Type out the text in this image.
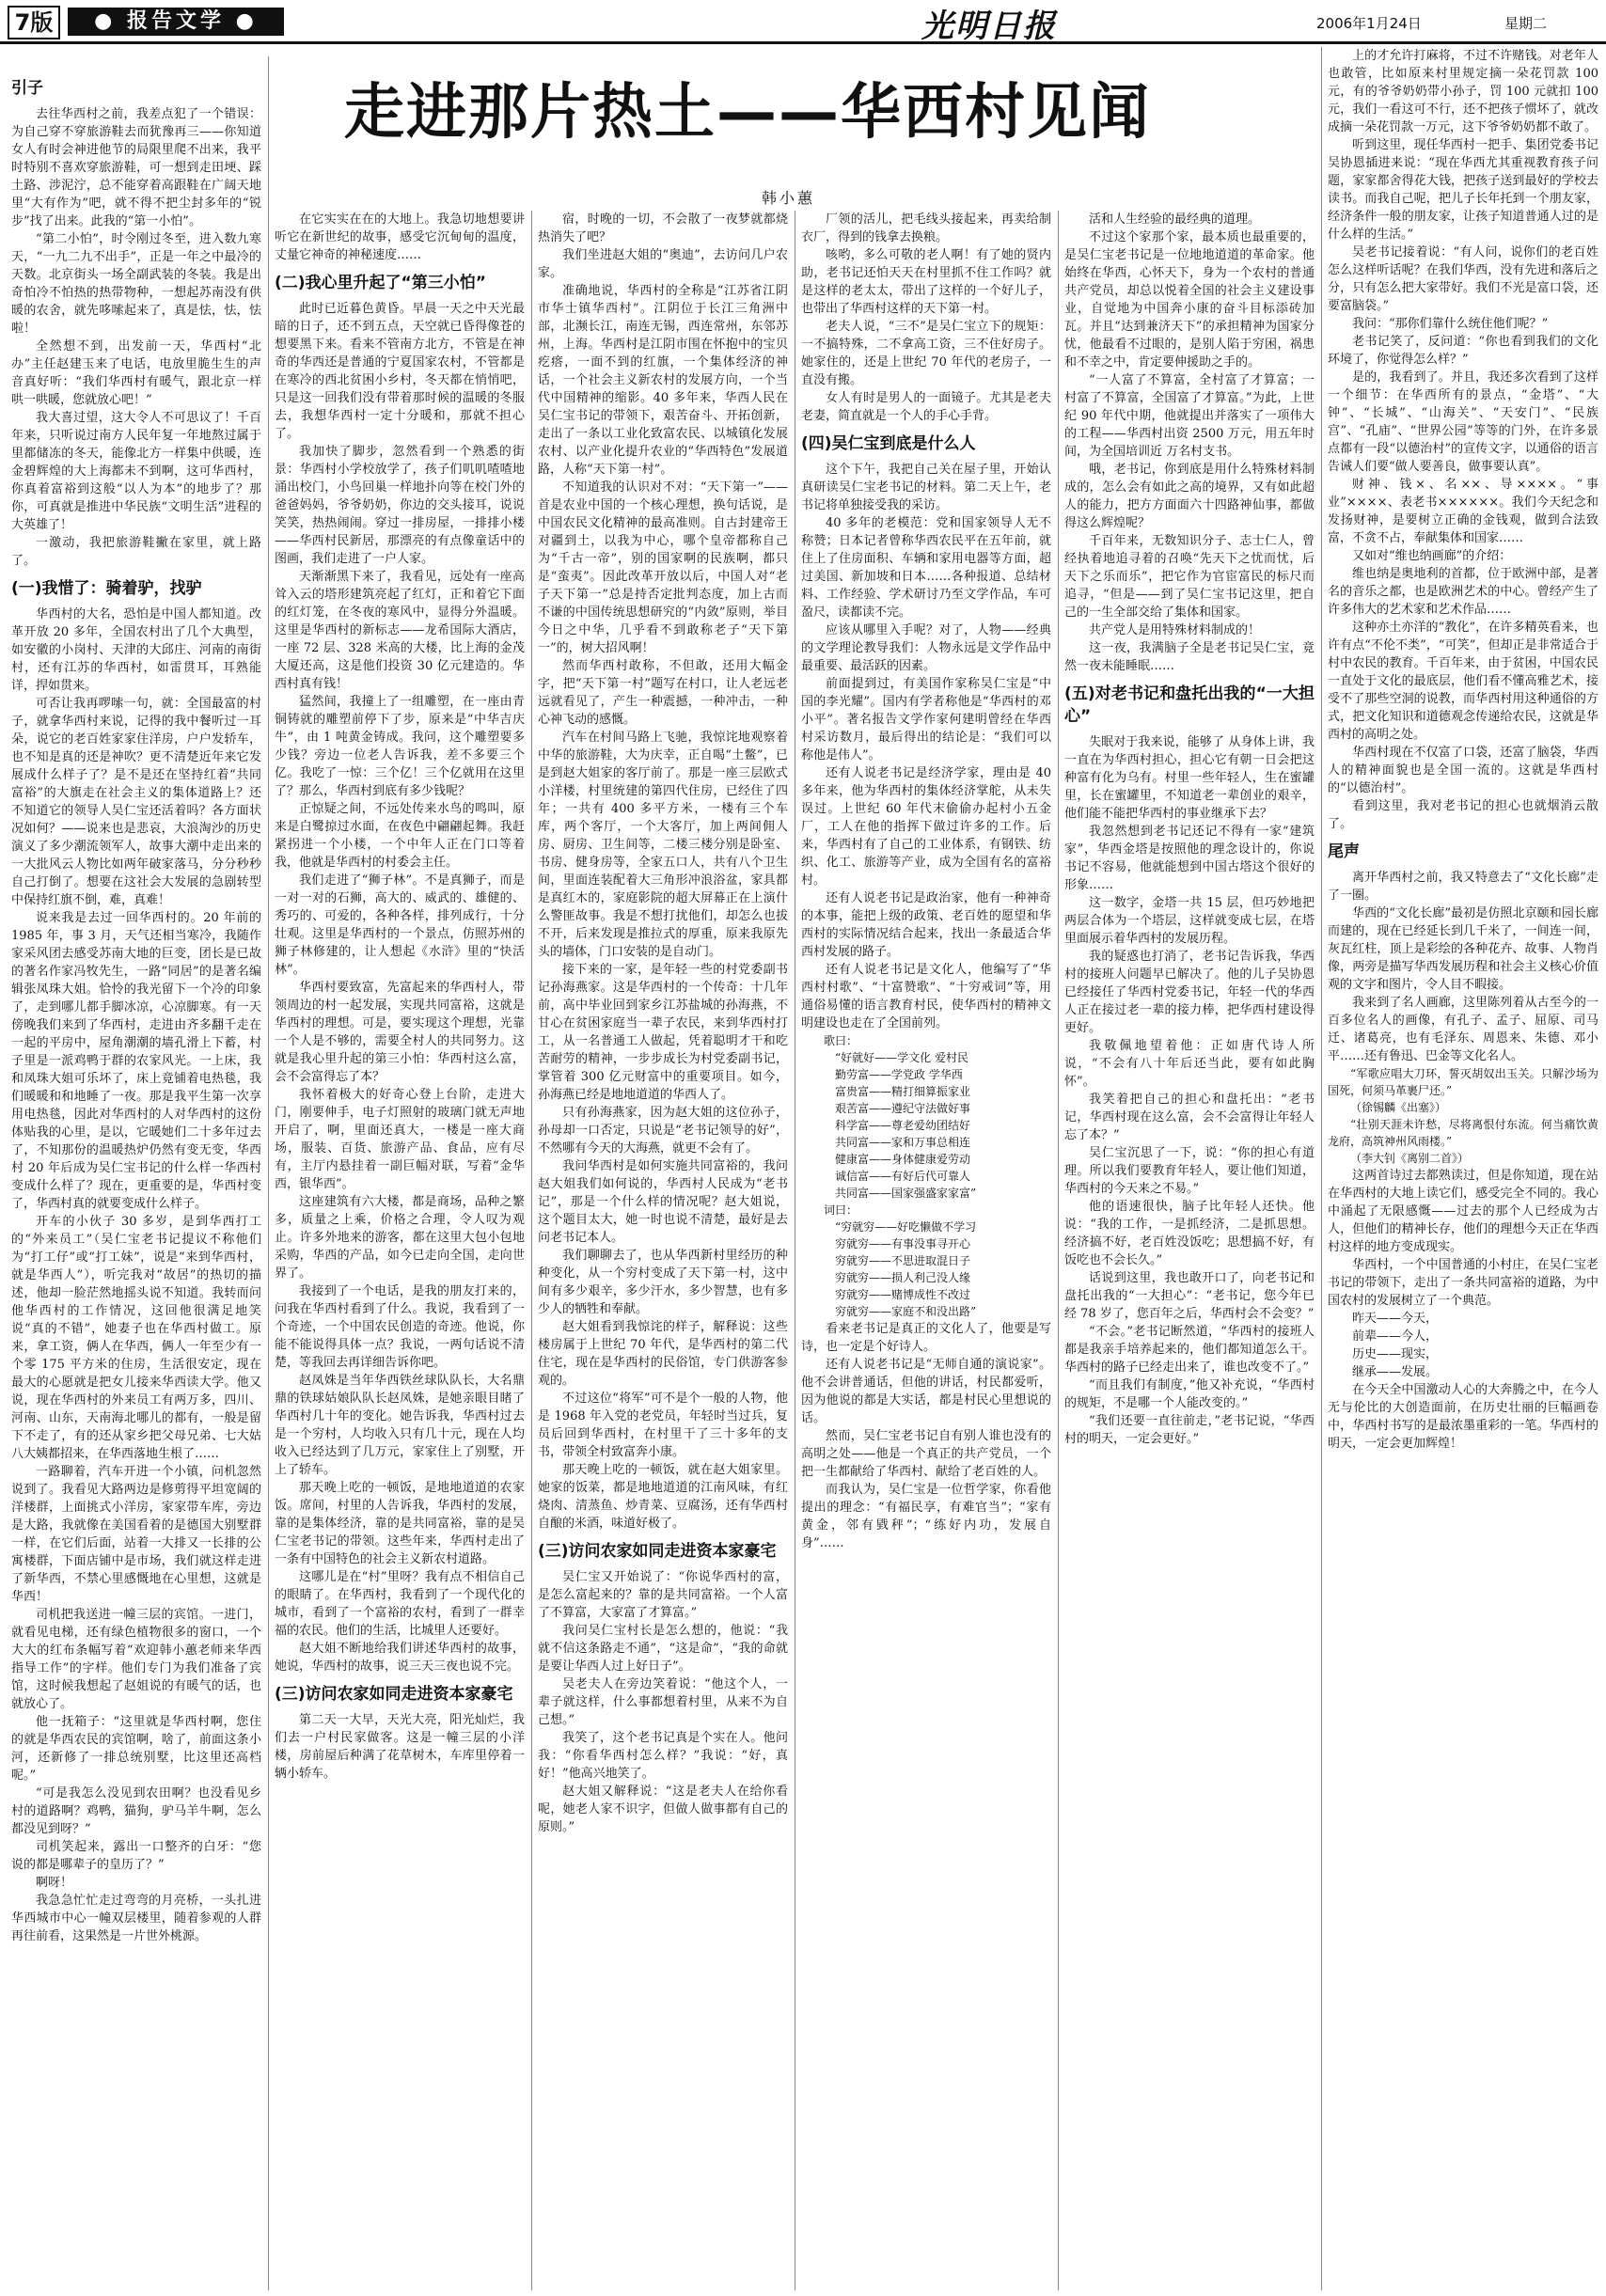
7版	● 报告文学 ●	光明日报	2006年1月24日	星期二
走进那片热土——华西村见闻
韩小蕙

引子

去往华西村之前，我差点犯了一个错误：为自己穿不穿旅游鞋去而犹豫再三——你知道女人有时会神进他节的局限里爬不出来，我平时特别不喜欢穿旅游鞋，可一想到走田埂、踩土路、涉泥泞，总不能穿着高跟鞋在广阔天地里“大有作为”吧，就不得不把尘封多年的“锐步”找了出来。此我的“第一小怕”。

“第二小怕”，时令刚过冬至，进入数九寒天，“一九二九不出手”，正是一年之中最冷的天数。北京街头一场全副武装的冬装。我是出奇怕冷不怕热的热带物种，一想起苏南没有供暖的农舍，就先哆嗦起来了，真是怯，怯，怯啦！

全然想不到，出发前一天，华西村“北办”主任赵建玉来了电话，电放里脆生生的声音真好听：“我们华西村有暖气，跟北京一样哄一哄暖，您就放心吧！”

我大喜过望，这大令人不可思议了！千百年来，只听说过南方人民年复一年地熬过属于里都储冻的冬天，能像北方一样集中供暖，连金碧辉煌的大上海都未不到啊，这可华西村，你真着富裕到这般“以人为本”的地步了？那你，可真就是推进中华民族“文明生活”进程的大英雄了！

一激动，我把旅游鞋撇在家里，就上路了。

(一)我惜了：骑着驴，找驴

华西村的大名，恐怕是中国人都知道。改革开放 20 多年，全国农村出了几个大典型，如安徽的小岗村、天津的大邱庄、河南的南街村，还有江苏的华西村，如雷贯耳，耳熟能详，捍如贯来。

可否让我再啰嗦一句，就：全国最富的村子，就拿华西村来说，记得的我中餐听过一耳朵，说它的老百姓家家住洋房，户户发轿车，也不知是真的还是神吹？更不清楚近年来它发展成什么样子了？是不是还在坚持红着“共同富裕”的大旗走在社会主义的集体道路上？还不知道它的领导人吴仁宝还活着吗？各方面状况如何？——说来也是悲哀，大浪淘沙的历史演义了多少潮流领军人，故事大潮中走出来的一大批风云人物比如两年破家落马，分分秒秒自己打倒了。想要在这社会大发展的急剧转型中保持红旗不倒，难，真难！

说来我是去过一回华西村的。20 年前的 1985 年，事 3 月，天气还相当寒冷，我随作家采风团去感受苏南大地的巨变，团长是已故的著名作家冯牧先生，一路“同居”的是著名编辑张凤珠大姐。恰怜的我光留下一个冷的印象了，走到哪儿都手脚冰凉，心凉脚寒。有一天傍晚我们来到了华西村，走进由齐多翻千走在一起的平房中，屋角潮潮的墙孔滑上下蓄，村子里是一派鸡鸭于群的农家风光。一上床，我和凤珠大姐可乐坏了，床上竟铺着电热毯，我们暖暖和和地睡了一夜。那是我平生第一次享用电热毯，因此对华西村的人对华西村的这份体贴我的心里，是以，它暖她们二十多年过去了，不知那份的温暖热炉仍然有变无变，华西村 20 年后成为吴仁宝书记的什么样一华西村变成什么样了？现在，更重要的是，华西村变了，华西村真的就要变成什么样子。

开车的小伙子 30 多岁，是到华西打工的“外来员工”（吴仁宝老书记提议不称他们为“打工仔”或“打工妹”，说是“来到华西村，就是华西人”），听完我对“故居”的热切的描述，他却一脸茫然地摇头说不知道。我转而问他华西村的工作情况，这回他很满足地笑说“真的不错”，她妻子也在华西村做工。原来，拿工资，俩人在华西，俩人一年至少有一个零 175 平方米的住房，生活很安定，现在最大的心愿就是把女儿接来华西读大学。他又说，现在华西村的外来员工有两万多，四川、河南、山东，天南海北哪儿的都有，一般是留下不走了，有的还从家乡把父母兄弟、七大姑八大姨都招来，在华西落地生根了……

一路聊着，汽车开进一个小镇，问机忽然说到了。我看见大路两边是修剪得平坦宽阔的洋楼群，上面挑式小洋房，家家带车库，旁边是大路，我就像在美国看着的是德国大别墅群一样，在它们后面，站着一大排又一长排的公寓楼群，下面店铺中是市场，我们就这样走进了新华西，不禁心里感慨地在心里想，这就是华西！

司机把我送进一幢三层的宾馆。一进门，就看见电梯，还有绿色植物很多的窗口，一个大大的红布条幅写着“欢迎韩小蕙老师来华西指导工作”的字样。他们专门为我们准备了宾馆，这时候我想起了赵姐说的有暖气的话，也就放心了。

他一抚箱子：“这里就是华西村啊，您住的就是华西农民的宾馆啊，啥了，前面这条小河，还新修了一排总统别墅，比这里还高档呢。”

“可是我怎么没见到农田啊？也没看见乡村的道路啊？鸡鸭，猫狗，驴马羊牛啊，怎么都没见到呀？”

司机笑起来，露出一口整齐的白牙：“您说的都是哪辈子的皇历了？”

啊呀！

我急急忙忙走过弯弯的月亮桥，一头扎进华西城市中心一幢双层楼里，随着参观的人群再往前看，这果然是一片世外桃源。

在它实实在在的大地上。我急切地想要讲听它在新世纪的故事，感受它沉甸甸的温度，丈量它神奇的神秘速度……

(二)我心里升起了“第三小怕”

此时已近暮色黄昏。早晨一天之中天光最暗的日子，还不到五点，天空就已昏得像苍的想要黑下来。看来不管南方北方，不管是在神奇的华西还是普通的宁夏国家农村，不管都是在寒冷的西北贫困小乡村，冬天都在悄悄吧，只是这一回我们没有带着那时候的温暖的冬服去，我想华西村一定十分暖和，那就不担心了。

我加快了脚步，忽然看到一个熟悉的街景：华西村小学校放学了，孩子们叽叽喳喳地涌出校门，小鸟回巢一样地扑向等在校门外的爸爸妈妈，爷爷奶奶，你边的交头接耳，说说笑笑，热热闹闹。穿过一排房屋，一排排小楼——华西村民新居，那漂亮的有点像童话中的图画，我们走进了一户人家。

天渐渐黑下来了，我看见，远处有一座高耸入云的塔形建筑亮起了红灯，正和着它下面的红灯笼，在冬夜的寒风中，显得分外温暖。这里是华西村的新标志——龙希国际大酒店，一座 72 层、328 米高的大楼，比上海的金茂大厦还高，这是他们投资 30 亿元建造的。华西村真有钱！

猛然间，我撞上了一组雕塑，在一座由青铜铸就的雕塑前停下了步，原来是“中华吉庆牛”，由 1 吨黄金铸成。我问，这个雕塑要多少钱？旁边一位老人告诉我，差不多要三个亿。我吃了一惊：三个亿！三个亿就用在这里了？那么，华西村到底有多少钱呢？

正惊疑之间，不远处传来水鸟的鸣叫，原来是白鹭掠过水面，在夜色中翩翩起舞。我赶紧拐进一个小楼，一个中年人正在门口等着我，他就是华西村的村委会主任。

我们走进了“狮子林”。不是真狮子，而是一对一对的石狮，高大的、威武的、雄健的、秀巧的、可爱的，各种各样，排列成行，十分壮观。这里是华西村的一个景点，仿照苏州的狮子林修建的，让人想起《水浒》里的“快活林”。

华西村要致富，先富起来的华西村人，带领周边的村一起发展，实现共同富裕，这就是华西村的理想。可是，要实现这个理想，光靠一个人是不够的，需要全村人的共同努力。这就是我心里升起的第三小怕：华西村这么富，会不会富得忘了本？

我怀着极大的好奇心登上台阶，走进大门，刚要伸手，电子灯照射的玻璃门就无声地开启了，啊，里面还真大，一楼是一座大商场，服装、百货、旅游产品、食品，应有尽有，主厅内悬挂着一副巨幅对联，写着“金华西，银华西”。

这座建筑有六大楼，都是商场，品种之繁多，质量之上乘，价格之合理，令人叹为观止。许多外地来的游客，都在这里大包小包地采购，华西的产品，如今已走向全国，走向世界了。

我接到了一个电话，是我的朋友打来的，问我在华西村看到了什么。我说，我看到了一个奇迹，一个中国农民创造的奇迹。他说，你能不能说得具体一点？我说，一两句话说不清楚，等我回去再详细告诉你吧。

赵凤姝是当年华西铁丝球队队长，大名鼎鼎的铁球姑娘队队长赵凤姝，是她亲眼目睹了华西村几十年的变化。她告诉我，华西村过去是一个穷村，人均收入只有几十元，现在人均收入已经达到了几万元，家家住上了别墅，开上了轿车。

那天晚上吃的一顿饭，是地地道道的农家饭。席间，村里的人告诉我，华西村的发展，靠的是集体经济，靠的是共同富裕，靠的是吴仁宝老书记的带领。这些年来，华西村走出了一条有中国特色的社会主义新农村道路。

这哪儿是在“村”里呀？我有点不相信自己的眼睛了。在华西村，我看到了一个现代化的城市，看到了一个富裕的农村，看到了一群幸福的农民。他们的生活，比城里人还要好。

赵大姐不断地给我们讲述华西村的故事，她说，华西村的故事，说三天三夜也说不完。

(三)访问农家如同走进资本家豪宅

第二天一大早，天光大亮，阳光灿烂，我们去一户村民家做客。这是一幢三层的小洋楼，房前屋后种满了花草树木，车库里停着一辆小轿车。

宿，时晚的一切，不会散了一夜梦就都烧热消失了吧？

我们坐进赵大姐的“奥迪”，去访问几户农家。

准确地说，华西村的全称是“江苏省江阴市华士镇华西村”。江阴位于长江三角洲中部，北濒长江，南连无锡，西连常州，东邻苏州，上海。华西村是江阴市围在怀抱中的宝贝疙瘩，一面不到的红旗，一个集体经济的神话，一个社会主义新农村的发展方向，一个当代中国精神的缩影。40 多年来，华西人民在吴仁宝书记的带领下，艰苦奋斗、开拓创新，走出了一条以工业化致富农民、以城镇化发展农村、以产业化提升农业的“华西特色”发展道路，人称“天下第一村”。

不知道我的认识对不对：“天下第一”——首是农业中国的一个核心理想，换句话说，是中国农民文化精神的最高准则。自古封建帝王对疆到土，以我为中心，哪个皇帝都称自己为“千古一帝”，别的国家啊的民族啊，都只是“蛮夷”。因此改革开放以后，中国人对“老子天下第一”总是持否定批判态度，加上古而不谦的中国传统思想研究的“内敛”原则，举目今日之中华，几乎看不到敢称老子“天下第一”的，树大招风啊！

然而华西村敢称，不但敢，还用大幅金字，把“天下第一村”题写在村口，让人老远老远就看见了，产生一种震撼，一种冲击，一种心神飞动的感慨。

汽车在村间马路上飞驰，我惊诧地观察着中华的旅游鞋，大为庆幸，正自喝“土鳖”，已是到赵大姐家的客厅前了。那是一座三层欧式小洋楼，村里统建的第四代住房，已经住了四年；一共有 400 多平方米，一楼有三个车库，两个客厅，一个大客厅，加上两间佣人房、厨房、卫生间等，二楼三楼分别是卧室、书房、健身房等，全家五口人，共有八个卫生间，里面连装配着大三角形冲浪浴盆，家具都是真红木的，家庭影院的超大屏幕正在上演什么警匪故事。我是不想打扰他们，却怎么也拔不开，后来发现是推拉式的厚重，原来我原先头的墙体，门口安装的是自动门。

接下来的一家，是年轻一些的村党委副书记孙海燕家。这是华西村的一个传奇：十几年前，高中毕业回到家乡江苏盐城的孙海燕，不甘心在贫困家庭当一辈子农民，来到华西村打工，从一名普通工人做起，凭着聪明才干和吃苦耐劳的精神，一步步成长为村党委副书记，掌管着 300 亿元财富中的重要项目。如今，孙海燕已经是地地道道的华西人了。

只有孙海燕家，因为赵大姐的这位孙子，孙母却一口否定，只说是“老书记领导的好”，不然哪有今天的大海燕，就更不会有了。

我问华西村是如何实施共同富裕的，我问赵大姐我们如何说的，华西村人民成为“老书记”，那是一个什么样的情况呢？赵大姐说，这个题目太大，她一时也说不清楚，最好是去问老书记本人。

我们聊聊去了，也从华西新村里经历的种种变化，从一个穷村变成了天下第一村，这中间有多少艰辛，多少汗水，多少智慧，也有多少人的牺牲和奉献。

赵大姐看到我惊诧的样子，解释说：这些楼房属于上世纪 70 年代，是华西村的第二代住宅，现在是华西村的民俗馆，专门供游客参观的。

不过这位“将军”可不是个一般的人物，他是 1968 年入党的老党员，年轻时当过兵，复员后回到华西村，在村里干了三十多年的支书，带领全村致富奔小康。

那天晚上吃的一顿饭，就在赵大姐家里。她家的饭菜，都是地地道道的江南风味，有红烧肉、清蒸鱼、炒青菜、豆腐汤，还有华西村自酿的米酒，味道好极了。

(三)访问农家如同走进资本家豪宅

吴仁宝又开始说了：“你说华西村的富，是怎么富起来的？靠的是共同富裕。一个人富了不算富，大家富了才算富。”

我问吴仁宝村长是怎么想的，他说：“我就不信这条路走不通”，“这是命”，“我的命就是要让华西人过上好日子”。

吴老夫人在旁边笑着说：“他这个人，一辈子就这样，什么事都想着村里，从来不为自己想。”

我笑了，这个老书记真是个实在人。他问我：“你看华西村怎么样？”我说：“好，真好！”他高兴地笑了。

赵大姐又解释说：“这是老夫人在给你看呢，她老人家不识字，但做人做事都有自己的原则。”

厂领的活儿，把毛线头接起来，再卖给制衣厂，得到的钱拿去换粮。

咳哟，多么可敬的老人啊！有了她的贤内助，老书记还怕天天在村里抓不住工作吗？就是这样的老太太，带出了这样的一个好儿子，也带出了华西村这样的天下第一村。

老夫人说，“三不”是吴仁宝立下的规矩：一不搞特殊，二不拿高工资，三不住好房子。她家住的，还是上世纪 70 年代的老房子，一直没有搬。

女人有时是男人的一面镜子。尤其是老夫老妻，简直就是一个人的手心手背。

(四)吴仁宝到底是什么人

这个下午，我把自己关在屋子里，开始认真研读吴仁宝老书记的材料。第二天上午，老书记将单独接受我的采访。

40 多年的老模范：党和国家领导人无不称赞；日本记者曾称华西农民平在五年前，就住上了住房面积、车辆和家用电器等方面，超过美国、新加坡和日本……各种报道、总结材料、工作经验、学术研讨乃至文学作品，车可盈尺，读都读不完。

应该从哪里入手呢？对了，人物——经典的文学理论教导我们：人物永远是文学作品中最重要、最活跃的因素。

前面提到过，有美国作家称吴仁宝是“中国的李光耀”。国内有学者称他是“华西村的邓小平”。著名报告文学作家何建明曾经在华西村采访数月，最后得出的结论是：“我们可以称他是伟人”。

还有人说老书记是经济学家，理由是 40 多年来，他为华西村的集体经济掌舵，从未失误过。上世纪 60 年代末偷偷办起村小五金厂，工人在他的指挥下做过许多的工作。后来，华西村有了自己的工业体系，有钢铁、纺织、化工、旅游等产业，成为全国有名的富裕村。

还有人说老书记是政治家，他有一种神奇的本事，能把上级的政策、老百姓的愿望和华西村的实际情况结合起来，找出一条最适合华西村发展的路子。

还有人说老书记是文化人，他编写了“华西村村歌”、“十富赞歌”、“十穷戒词”等，用通俗易懂的语言教育村民，使华西村的精神文明建设也走在了全国前列。

歌曰：

“好就好——学文化 爱村民

勤劳富——学党政 学华西

富贵富——精打细算振家业

艰苦富——遵纪守法做好事

科学富——尊老爱幼团结好

共同富——家和万事总相连

健康富——身体健康爱劳动

诚信富——有好后代可靠人

共同富——国家强盛家家富”

词曰：

“穷就穷——好吃懒做不学习

穷就穷——有事没事寻开心

穷就穷——不思进取混日子

穷就穷——损人利己没人缘

穷就穷——赌博成性不改过

穷就穷——家庭不和没出路”

看来老书记是真正的文化人了，他要是写诗，也一定是个好诗人。

还有人说老书记是“无师自通的演说家”。他不会讲普通话，但他的讲话，村民都爱听，因为他说的都是大实话，都是村民心里想说的话。

然而，吴仁宝老书记自有别人谁也没有的高明之处——他是一个真正的共产党员，一个把一生都献给了华西村、献给了老百姓的人。

而我认为，吴仁宝是一位哲学家，你看他提出的理念：“有福民享，有难官当”；“家有黄金，邻有戥秤”；“练好内功，发展自身”……

活和人生经验的最经典的道理。

不过这个家那个家，最本质也最重要的，是吴仁宝老书记是一位地地道道的革命家。他始终在华西，心怀天下，身为一个农村的普通共产党员，却总以悦着全国的社会主义建设事业，自觉地为中国奔小康的奋斗目标添砖加瓦。并且“达到兼济天下”的承担精神为国家分忧，他最看不过眼的，是别人陷于穷困，祸患和不幸之中，肯定要伸援助之手的。

“一人富了不算富，全村富了才算富；一村富了不算富，全国富了才算富。”为此，上世纪 90 年代中期，他就提出并落实了一项伟大的工程——华西村出资 2500 万元，用五年时间，为全国培训近 万名村支书。

哦，老书记，你到底是用什么特殊材料制成的，怎么会有如此之高的境界，又有如此超人的能力，把方方面面六十四路神仙事，都做得这么辉煌呢？

千百年来，无数知识分子、志士仁人，曾经执着地追寻着的召唤“先天下之忧而忧，后天下之乐而乐”，把它作为官宦富民的标尺而追寻，“但是——到了吴仁宝书记这里，把自己的一生全部交给了集体和国家。

共产党人是用特殊材料制成的！

这一夜，我满脑子全是老书记吴仁宝，竟然一夜未能睡眠……

(五)对老书记和盘托出我的“一大担心”

失眠对于我来说，能够了 从身体上讲，我一直在为华西村担心，担心它有朝一日会把这种富有化为乌有。村里一些年轻人，生在蜜罐里，长在蜜罐里，不知道老一辈创业的艰辛，他们能不能把华西村的事业继承下去？

我忽然想到老书记还记不得有一家“建筑家”，华西金塔是按照他的理念设计的，你说书记不容易，他就能想到中国古塔这个很好的形象……

这一数字，金塔一共 15 层，但巧妙地把两层合体为一个塔层，这样就变成七层，在塔里面展示着华西村的发展历程。

我的疑惑也打消了，老书记告诉我，华西村的接班人问题早已解决了。他的儿子吴协恩已经接任了华西村党委书记，年轻一代的华西人正在接过老一辈的接力棒，把华西村建设得更好。

我敬佩地望着他：正如唐代诗人所说，“不会有八十年后还当此，要有如此胸怀”。

我笑着把自己的担心和盘托出：“老书记，华西村现在这么富，会不会富得让年轻人忘了本？”

吴仁宝沉思了一下，说：“你的担心有道理。所以我们要教育年轻人，要让他们知道，华西村的今天来之不易。”

他的语速很快，脑子比年轻人还快。他说：“我的工作，一是抓经济，二是抓思想。经济搞不好，老百姓没饭吃；思想搞不好，有饭吃也不会长久。”

话说到这里，我也敢开口了，向老书记和盘托出我的“一大担心”：“老书记，您今年已经 78 岁了，您百年之后，华西村会不会变？”

“不会。”老书记断然道，“华西村的接班人都是我亲手培养起来的，他们都知道怎么干。华西村的路子已经走出来了，谁也改变不了。”

“而且我们有制度，”他又补充说，“华西村的规矩，不是哪一个人能改变的。”

“我们还要一直往前走，”老书记说，“华西村的明天，一定会更好。”

上的才允许打麻将，不过不许赌钱。对老年人也敢管，比如原来村里规定摘一朵花罚款 100 元，有的爷爷奶奶带小孙子，罚 100 元就扣 100 元，我们一看这可不行，还不把孩子惯坏了，就改成摘一朵花罚款一万元，这下爷爷奶奶都不敢了。

听到这里，现任华西村一把手、集团党委书记吴协恩插进来说：“现在华西尤其重视教育孩子问题，家家都舍得花大钱，把孩子送到最好的学校去读书。而我自己呢，把儿子长年托到一个朋友家，经济条件一般的朋友家，让孩子知道普通人过的是什么样的生活。”

吴老书记接着说：“有人问，说你们的老百姓怎么这样听话呢？在我们华西，没有先进和落后之分，只有怎么把大家带好。我们不光是富口袋，还要富脑袋。”

我问：“那你们靠什么统住他们呢？”

老书记笑了，反问道：“你也看到我们的文化环境了，你觉得怎么样？”

是的，我看到了。并且，我还多次看到了这样一个细节：在华西所有的景点，“金塔”、“大钟”、“长城”、“山海关”、“天安门”、“民族宫”、“孔庙”、“世界公园”等等的门外，在许多景点都有一段“以德治村”的宣传文字，以通俗的语言告诫人们要“做人要善良，做事要认真”。

财神、钱×、名××、导××××。“事业”××××、表老书××××××。我们今天纪念和发扬财神，是要树立正确的金钱观，做到合法致富，不贪不占，奉献集体和国家……

又如对“维也纳画廊”的介绍：

维也纳是奥地利的首都，位于欧洲中部，是著名的音乐之都，也是欧洲艺术的中心。曾经产生了许多伟大的艺术家和艺术作品……

这种亦土亦洋的“教化”，在许多精英看来，也许有点“不伦不类”，“可笑”，但却正是非常适合于村中农民的教育。千百年来，由于贫困，中国农民一直处于文化的最底层，他们看不懂高雅艺术，接受不了那些空洞的说教，而华西村用这种通俗的方式，把文化知识和道德观念传递给农民，这就是华西村的高明之处。

华西村现在不仅富了口袋，还富了脑袋，华西人的精神面貌也是全国一流的。这就是华西村的“以德治村”。

看到这里，我对老书记的担心也就烟消云散了。

尾声

离开华西村之前，我又特意去了“文化长廊”走了一圈。

华西的“文化长廊”最初是仿照北京颐和园长廊而建的，现在已经延长到几千米了，一间连一间，灰瓦红柱，顶上是彩绘的各种花卉、故事、人物肖像，两旁是描写华西发展历程和社会主义核心价值观的文字和图片，令人目不暇接。

我来到了名人画廊，这里陈列着从古至今的一百多位名人的画像，有孔子、孟子、屈原、司马迁、诸葛亮，也有毛泽东、周恩来、朱德、邓小平……还有鲁迅、巴金等文化名人。

“军歌应唱大刀环，誓灭胡奴出玉关。只解沙场为国死，何须马革裹尸还。”

（徐锡麟《出塞》）

“壮别天涯未许愁，尽将离恨付东流。何当痛饮黄龙府，高筑神州风雨楼。”

（李大钊《离别二首》）

这两首诗过去都熟读过，但是你知道，现在站在华西村的大地上读它们，感受完全不同的。我心中涌起了无限感慨——过去的那个人已经成为古人，但他们的精神长存，他们的理想今天正在华西村这样的地方变成现实。

华西村，一个中国普通的小村庄，在吴仁宝老书记的带领下，走出了一条共同富裕的道路，为中国农村的发展树立了一个典范。

昨天——今天，

前辈——今人，

历史——现实，

继承——发展。

在今天全中国激动人心的大奔腾之中，在今人无与伦比的大创造面前，在历史壮丽的巨幅画卷中，华西村书写的是最浓墨重彩的一笔。华西村的明天，一定会更加辉煌！
